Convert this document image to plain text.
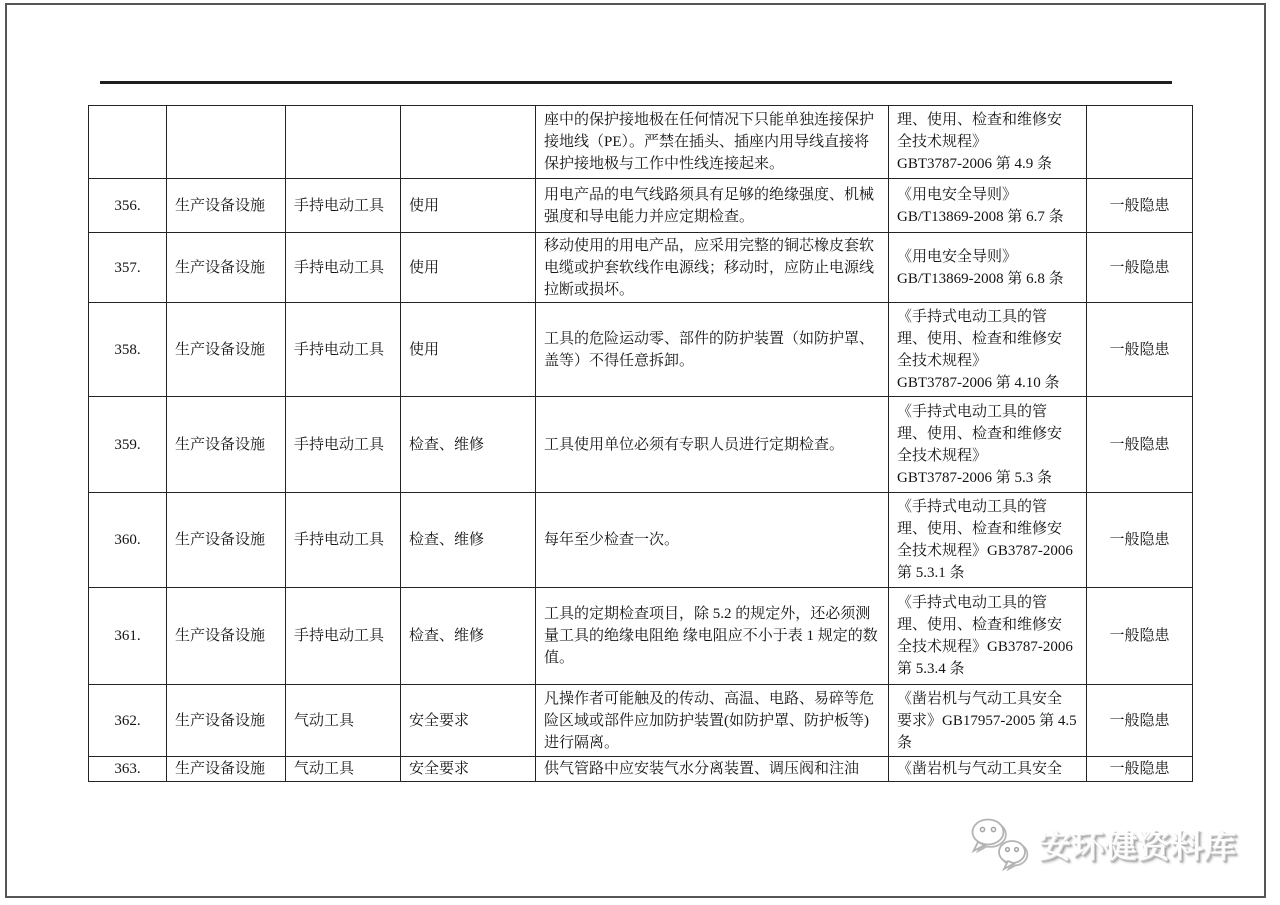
				座中的保护接地极在任何情况下只能单独连接保护接地线（PE）。严禁在插头、插座内用导线直接将保护接地极与工作中性线连接起来。	理、使用、检查和维修安
全技术规程》
GBT3787-2006 第 4.9 条	
356.	生产设备设施	手持电动工具	使用	用电产品的电气线路须具有足够的绝缘强度、机械强度和导电能力并应定期检查。	《用电安全导则》
GB/T13869-2008 第 6.7 条	一般隐患
357.	生产设备设施	手持电动工具	使用	移动使用的用电产品，应采用完整的铜芯橡皮套软电缆或护套软线作电源线；移动时，应防止电源线拉断或损坏。	《用电安全导则》
GB/T13869-2008 第 6.8 条	一般隐患
358.	生产设备设施	手持电动工具	使用	工具的危险运动零、部件的防护装置（如防护罩、盖等）不得任意拆卸。	《手持式电动工具的管
理、使用、检查和维修安
全技术规程》
GBT3787-2006 第 4.10 条	一般隐患
359.	生产设备设施	手持电动工具	检查、维修	工具使用单位必须有专职人员进行定期检查。	《手持式电动工具的管
理、使用、检查和维修安
全技术规程》
GBT3787-2006 第 5.3 条	一般隐患
360.	生产设备设施	手持电动工具	检查、维修	每年至少检查一次。	《手持式电动工具的管
理、使用、检查和维修安
全技术规程》GB3787-2006
第 5.3.1 条	一般隐患
361.	生产设备设施	手持电动工具	检查、维修	工具的定期检查项目，除 5.2 的规定外，还必须测量工具的绝缘电阻绝 缘电阻应不小于表 1 规定的数值。	《手持式电动工具的管
理、使用、检查和维修安
全技术规程》GB3787-2006
第 5.3.4 条	一般隐患
362.	生产设备设施	气动工具	安全要求	凡操作者可能触及的传动、高温、电路、易碎等危险区域或部件应加防护装置(如防护罩、防护板等)进行隔离。	《凿岩机与气动工具安全
要求》GB17957-2005 第 4.5
条	一般隐患
363.	生产设备设施	气动工具	安全要求	供气管路中应安装气水分离装置、调压阀和注油	《凿岩机与气动工具安全	一般隐患
安环健资料库
